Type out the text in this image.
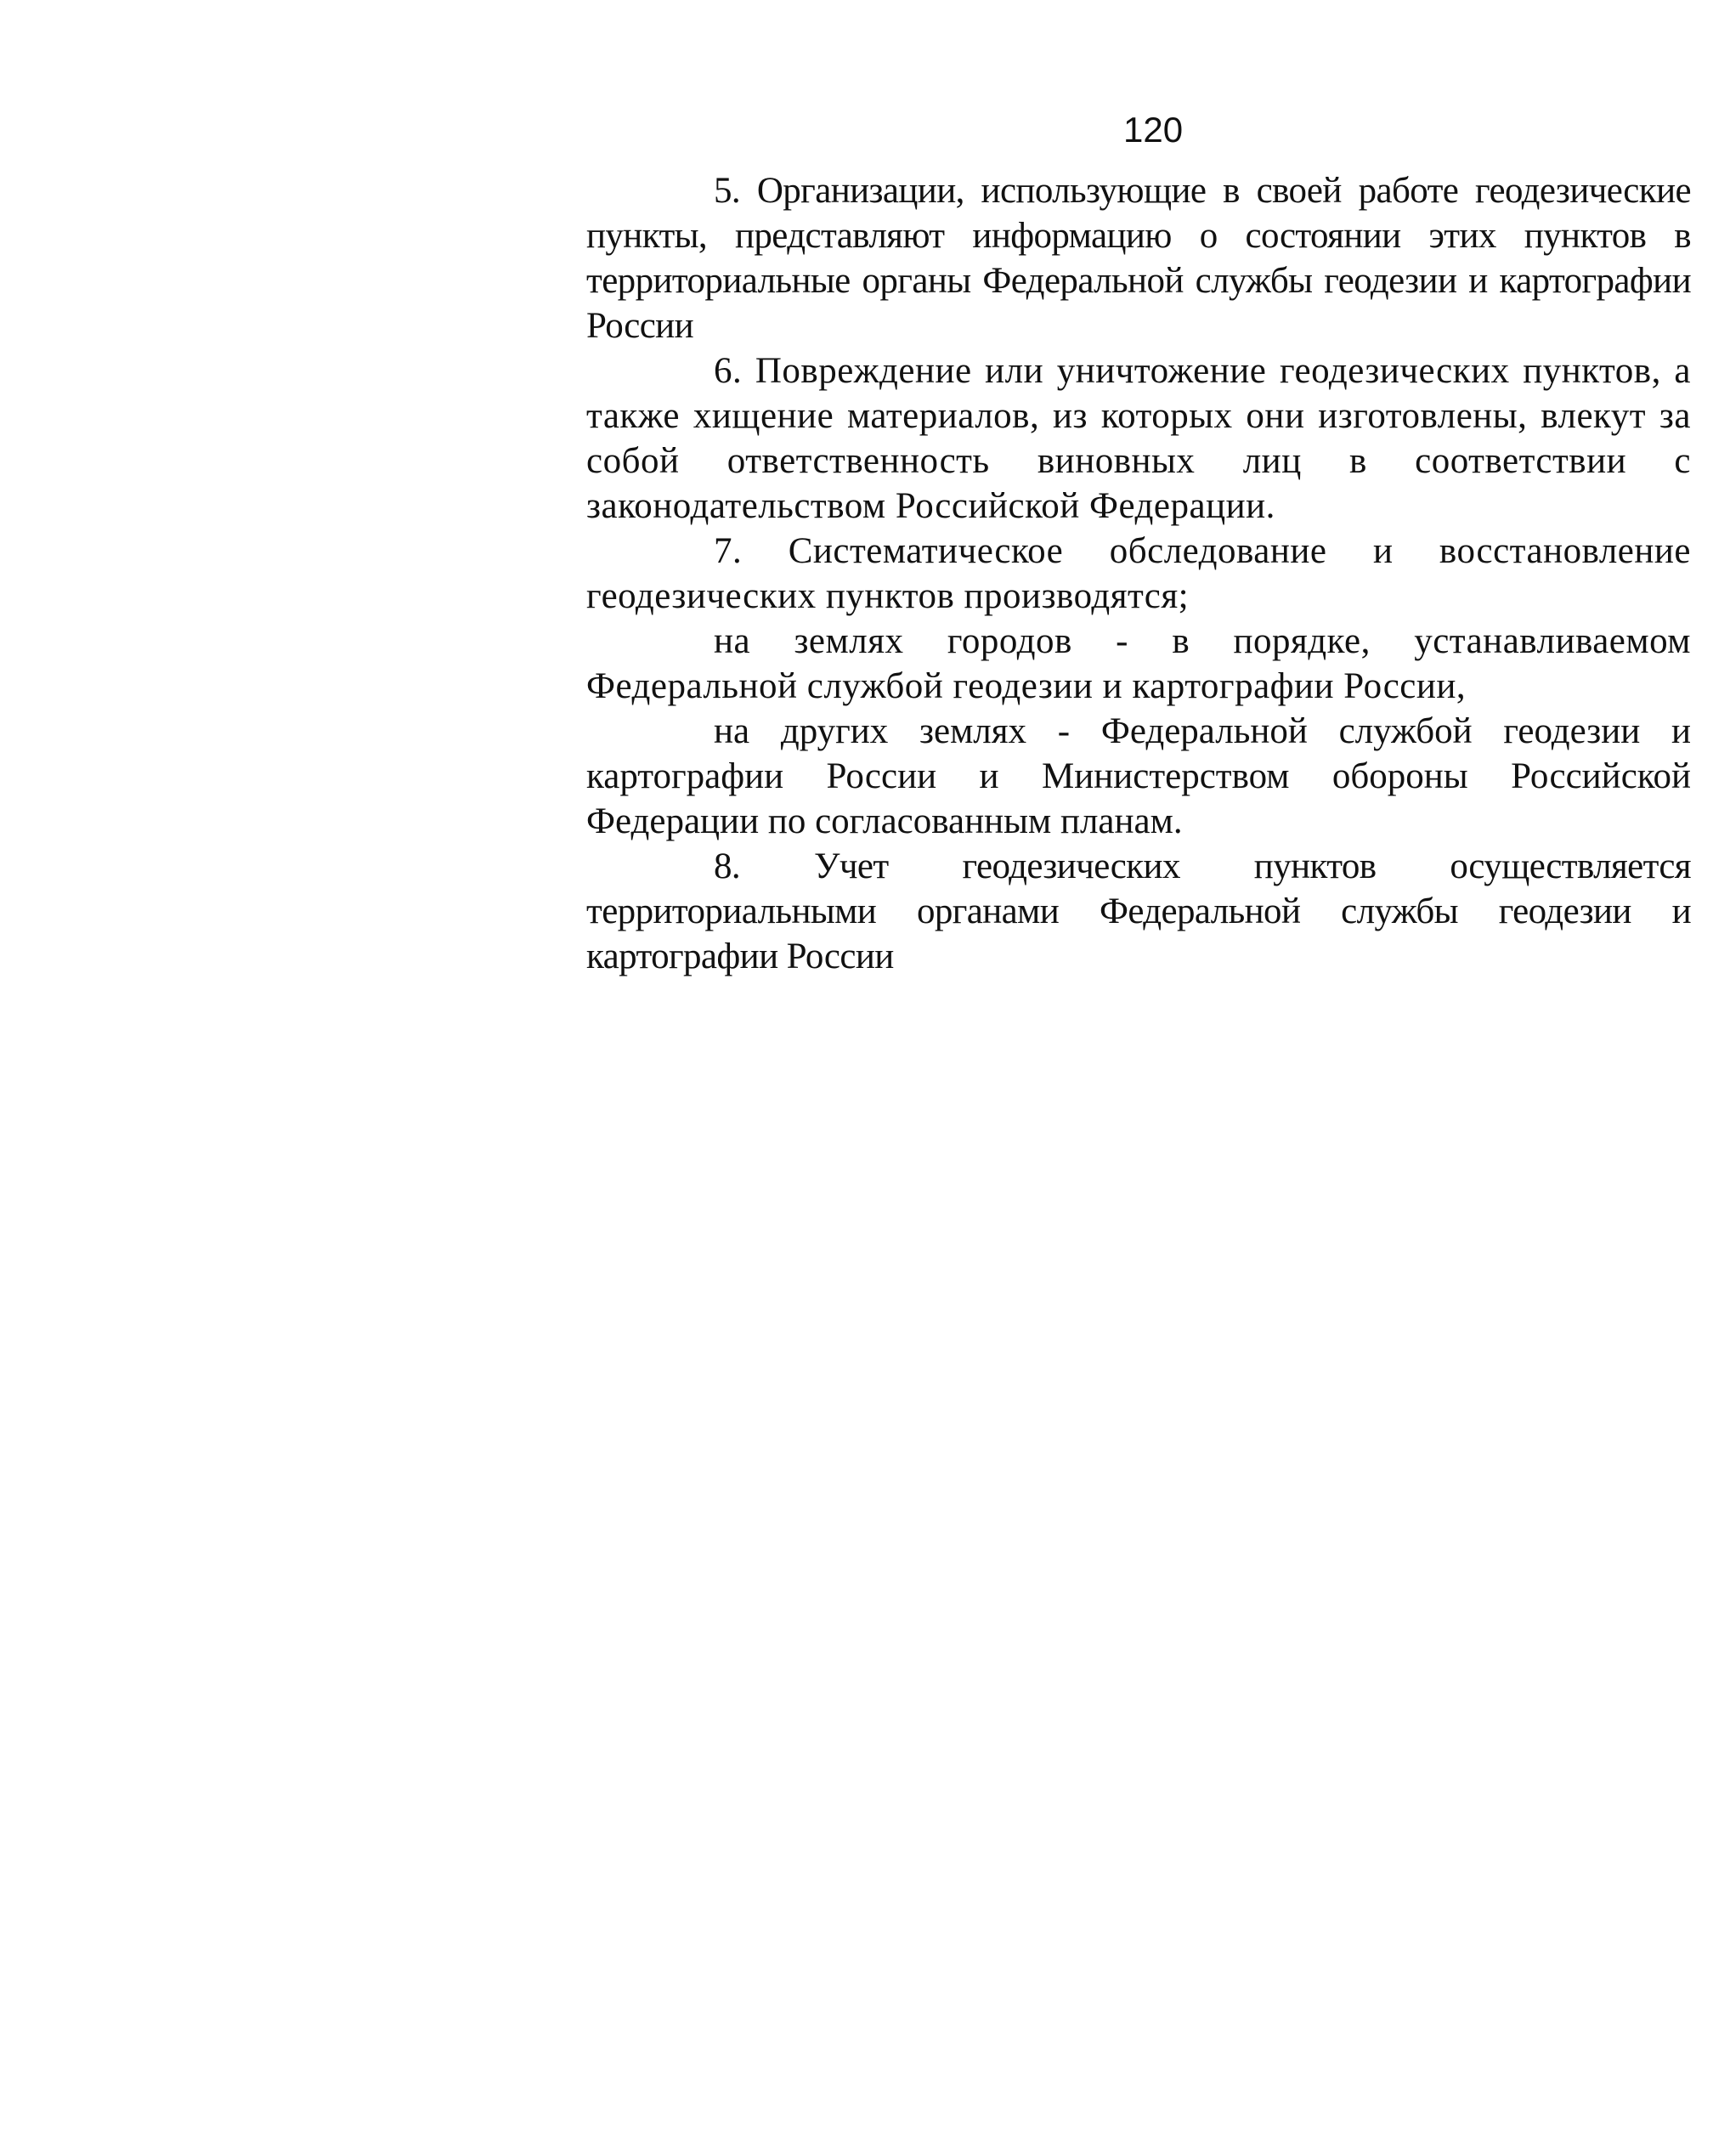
120

5. Организации, использующие в своей работе геодезические пункты, представляют информацию о состоянии этих пунктов в территориальные органы Федеральной службы геодезии и картографии России

6. Повреждение или уничтожение геодезических пунктов, а также хищение материалов, из которых они изготовлены, влекут за собой ответственность виновных лиц в соответствии с законодательством Российской Федерации.

7. Систематическое обследование и восстановление геодезических пунктов производятся;

на землях городов - в порядке, устанавливаемом Федеральной службой геодезии и картографии России,

на других землях - Федеральной службой геодезии и картографии России и Министерством обороны Российской Федерации по согласованным планам.

8. Учет геодезических пунктов осуществляется территориальными органами Федеральной службы геодезии и картографии России
